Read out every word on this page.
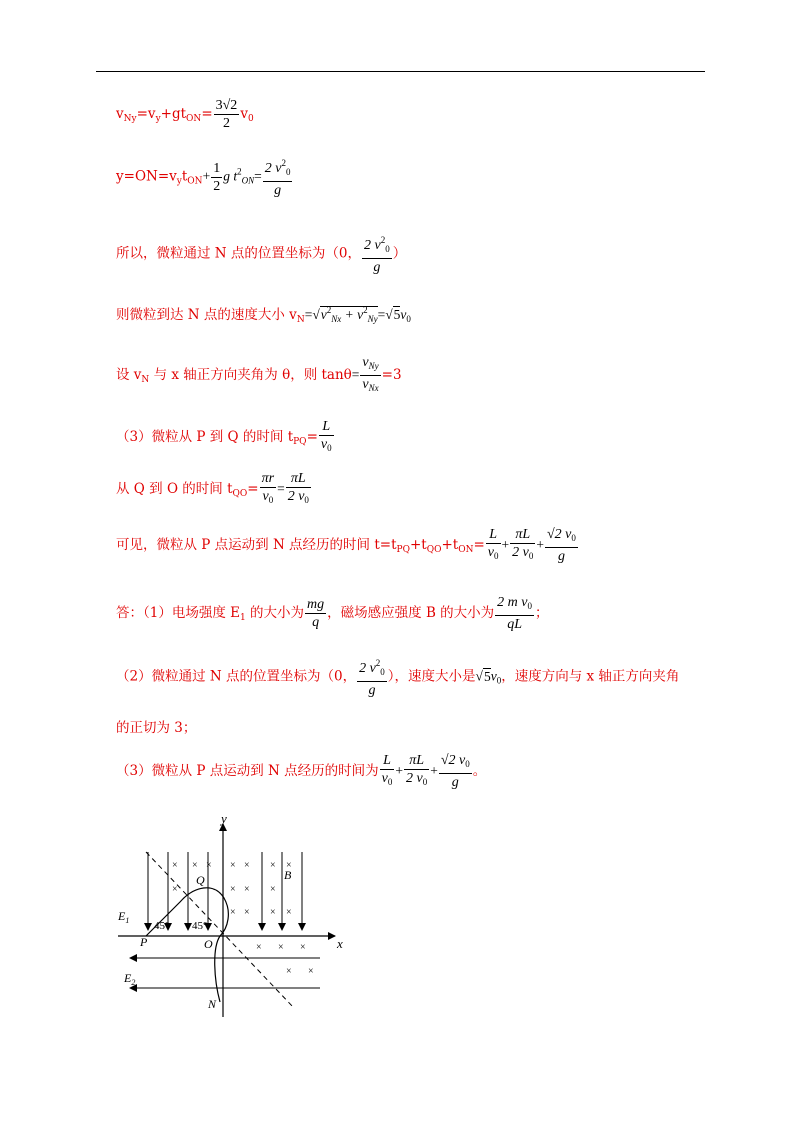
$v_{Ny}=v_y+gt_{ON}= \frac{3√2}{2} v_0$
$y=ON=v_yt_{ON}+ \frac{1}{2}$ g $t^2_{ON}= \frac{2 v^2_0}{g}$
所以，微粒通过 N 点的位置坐标为（0， $\frac{2 v^2_0}{g}$ ）
则微粒到达 N 点的速度大小 $v_N=√v^2_{Nx} + v^2_{Ny}=√5v_0$
设 $v_N$ 与 x 轴正方向夹角为 θ，则 $\tan\theta= \frac{v_{Ny}}{v_{Nx}} =3$
（3）微粒从 P 到 Q 的时间 $t_{PQ}= \frac{L}{v_0}$
从 Q 到 O 的时间 $t_{QO}= \frac{\pi r}{v_0} = \frac{\pi L}{2 v_0}$
可见，微粒从 P 点运动到 N 点经历的时间 $t=t_{PQ}+t_{QO}+t_{ON}= \frac{L}{v_0} + \frac{\pi L}{2 v_0} + \frac{√2 v_0}{g}$
答：（1）电场强度 $E_1$ 的大小为 $\frac{mg}{q}$ ，磁场感应强度 B 的大小为 $\frac{2 m v_0}{qL}$ ；
（2）微粒通过 N 点的位置坐标为（0， $\frac{2 v^2_0}{g}$ ），速度大小是$√5v_0$，速度方向与 x 轴正方向夹角
的正切为 3；
（3）微粒从 P 点运动到 N 点经历的时间为 $\frac{L}{v_0} + \frac{\pi L}{2 v_0} + \frac{√2 v_0}{g}$ 。
y
x
$E_1$
$E_2$
× × × × × × ×
× × ×
×
× × × ×
× × ×
× ×
P	O
Q
N
B
45° 45°
